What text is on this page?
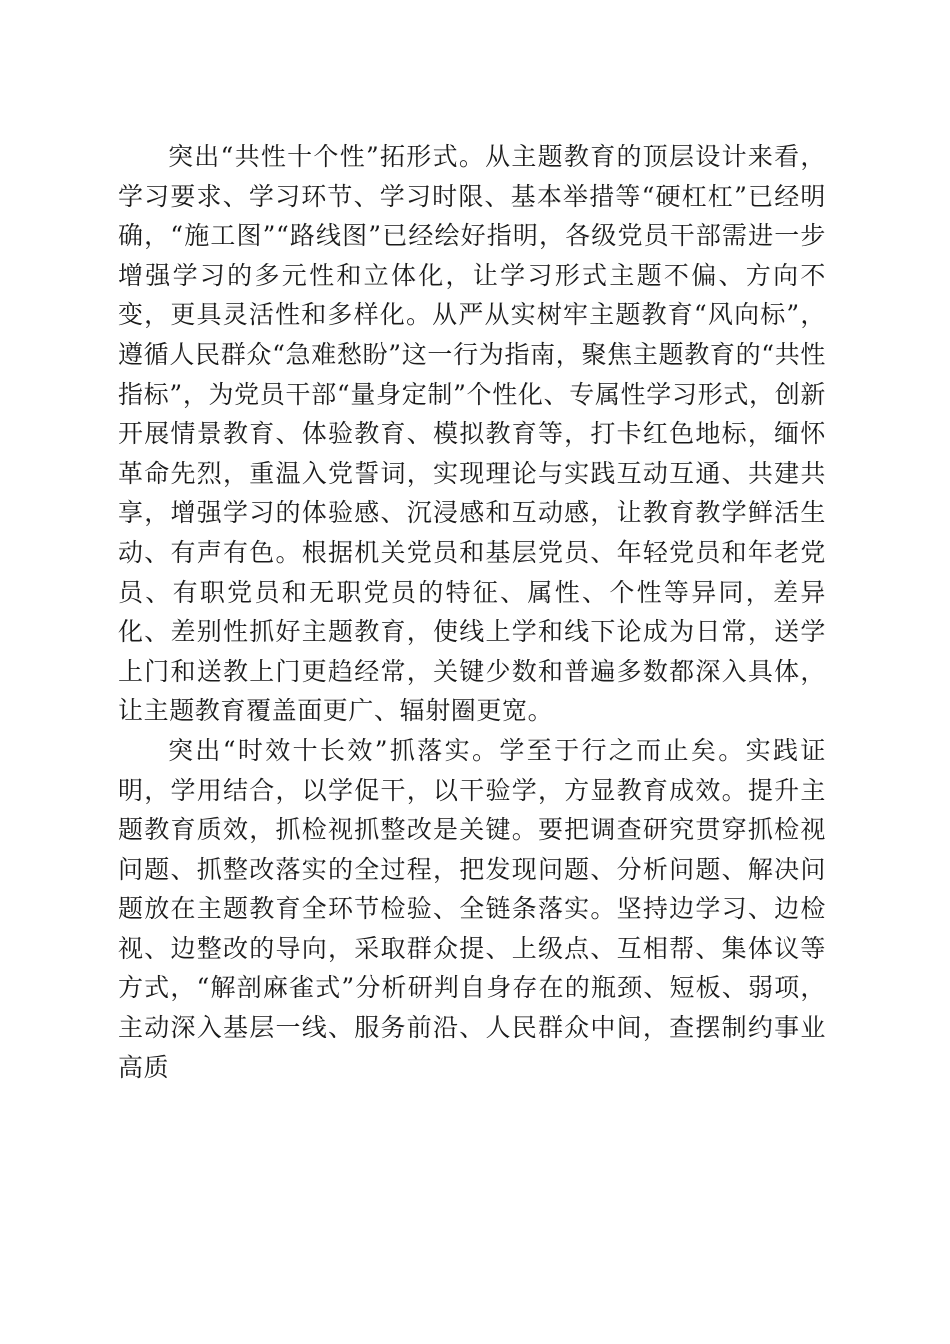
突出“共性十个性”拓形式。从主题教育的顶层设计来看，学习要求、学习环节、学习时限、基本举措等“硬杠杠”已经明确，“施工图”“路线图”已经绘好指明，各级党员干部需进一步增强学习的多元性和立体化，让学习形式主题不偏、方向不变，更具灵活性和多样化。从严从实树牢主题教育“风向标”，遵循人民群众“急难愁盼”这一行为指南，聚焦主题教育的“共性指标”，为党员干部“量身定制”个性化、专属性学习形式，创新开展情景教育、体验教育、模拟教育等，打卡红色地标，缅怀革命先烈，重温入党誓词，实现理论与实践互动互通、共建共享，增强学习的体验感、沉浸感和互动感，让教育教学鲜活生动、有声有色。根据机关党员和基层党员、年轻党员和年老党员、有职党员和无职党员的特征、属性、个性等异同，差异化、差别性抓好主题教育，使线上学和线下论成为日常，送学上门和送教上门更趋经常，关键少数和普遍多数都深入具体，让主题教育覆盖面更广、辐射圈更宽。

突出“时效十长效”抓落实。学至于行之而止矣。实践证明，学用结合，以学促干，以干验学，方显教育成效。提升主题教育质效，抓检视抓整改是关键。要把调查研究贯穿抓检视问题、抓整改落实的全过程，把发现问题、分析问题、解决问题放在主题教育全环节检验、全链条落实。坚持边学习、边检视、边整改的导向，采取群众提、上级点、互相帮、集体议等方式，“解剖麻雀式”分析研判自身存在的瓶颈、短板、弱项，主动深入基层一线、服务前沿、人民群众中间，查摆制约事业高质
